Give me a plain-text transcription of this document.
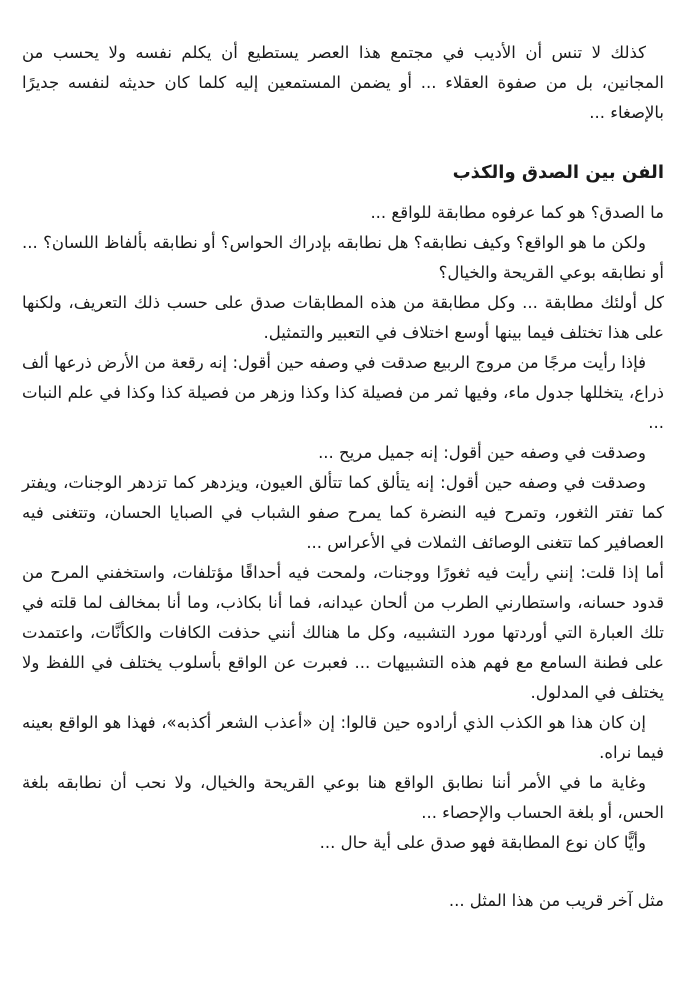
كذلك لا تنس أن الأديب في مجتمع هذا العصر يستطيع أن يكلم نفسه ولا يحسب من المجانين، بل من صفوة العقلاء ... أو يضمن المستمعين إليه كلما كان حديثه لنفسه جديرًا بالإصغاء ...

الفن بين الصدق والكذب

ما الصدق؟ هو كما عرفوه مطابقة للواقع ...

ولكن ما هو الواقع؟ وكيف نطابقه؟ هل نطابقه بإدراك الحواس؟ أو نطابقه بألفاظ اللسان؟ ... أو نطابقه بوعي القريحة والخيال؟

كل أولئك مطابقة ... وكل مطابقة من هذه المطابقات صدق على حسب ذلك التعريف، ولكنها على هذا تختلف فيما بينها أوسع اختلاف في التعبير والتمثيل.

فإذا رأيت مرجًا من مروج الربيع صدقت في وصفه حين أقول: إنه رقعة من الأرض ذرعها ألف ذراع، يتخللها جدول ماء، وفيها ثمر من فصيلة كذا وكذا وزهر من فصيلة كذا وكذا في علم النبات ...

وصدقت في وصفه حين أقول: إنه جميل مريح ...

وصدقت في وصفه حين أقول: إنه يتألق كما تتألق العيون، ويزدهر كما تزدهر الوجنات، ويفتر كما تفتر الثغور، وتمرح فيه النضرة كما يمرح صفو الشباب في الصبايا الحسان، وتتغنى فيه العصافير كما تتغنى الوصائف الثملات في الأعراس ...

أما إذا قلت: إنني رأيت فيه ثغورًا ووجنات، ولمحت فيه أحداقًا مؤتلفات، واستخفني المرح من قدود حسانه، واستطارني الطرب من ألحان عيدانه، فما أنا بكاذب، وما أنا بمخالف لما قلته في تلك العبارة التي أوردتها مورد التشبيه، وكل ما هنالك أنني حذفت الكافات والكأنَّات، واعتمدت على فطنة السامع مع فهم هذه التشبيهات ... فعبرت عن الواقع بأسلوب يختلف في اللفظ ولا يختلف في المدلول.

إن كان هذا هو الكذب الذي أرادوه حين قالوا: إن «أعذب الشعر أكذبه»، فهذا هو الواقع بعينه فيما نراه.

وغاية ما في الأمر أننا نطابق الواقع هنا بوعي القريحة والخيال، ولا نحب أن نطابقه بلغة الحس، أو بلغة الحساب والإحصاء ...

وأيًّا كان نوع المطابقة فهو صدق على أية حال ...

مثل آخر قريب من هذا المثل ...
